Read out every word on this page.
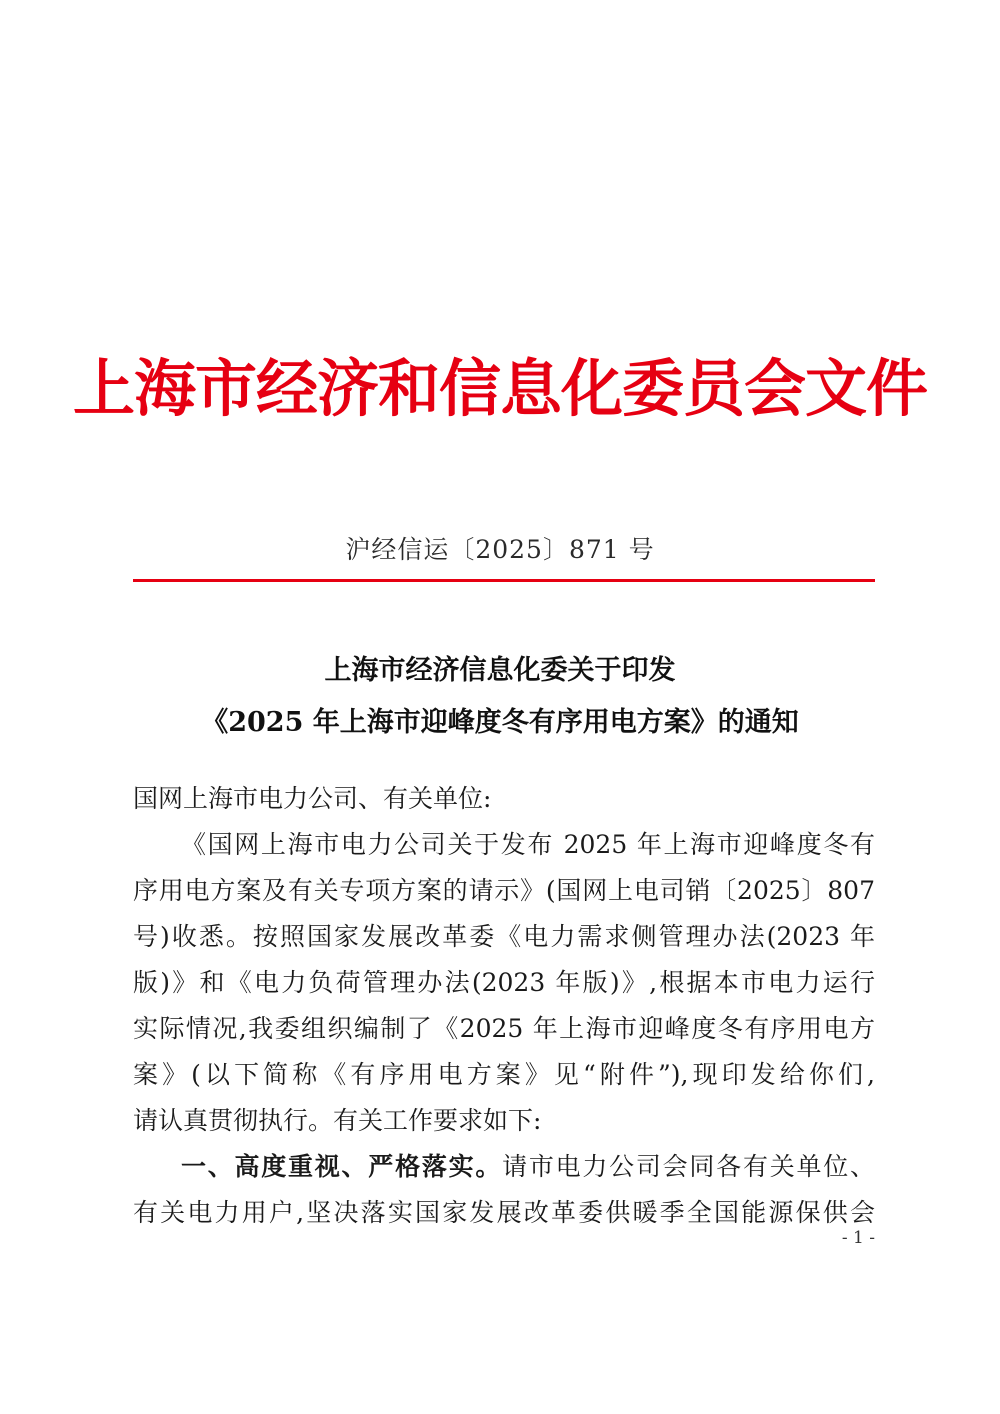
上海市经济和信息化委员会文件
沪经信运〔2025〕871 号
上海市经济信息化委关于印发
《2025 年上海市迎峰度冬有序用电方案》的通知
国网上海市电力公司、有关单位:
《国网上海市电力公司关于发布 2025 年上海市迎峰度冬有
序用电方案及有关专项方案的请示》(国网上电司销〔2025〕807
号)收悉。按照国家发展改革委《电力需求侧管理办法(2023 年
版)》和《电力负荷管理办法(2023 年版)》,根据本市电力运行
实际情况,我委组织编制了《2025 年上海市迎峰度冬有序用电方
案》(以下简称《有序用电方案》见“附件”),现印发给你们,
请认真贯彻执行。有关工作要求如下:
一、高度重视、严格落实。请市电力公司会同各有关单位、
有关电力用户,坚决落实国家发展改革委供暖季全国能源保供会
- 1 -
